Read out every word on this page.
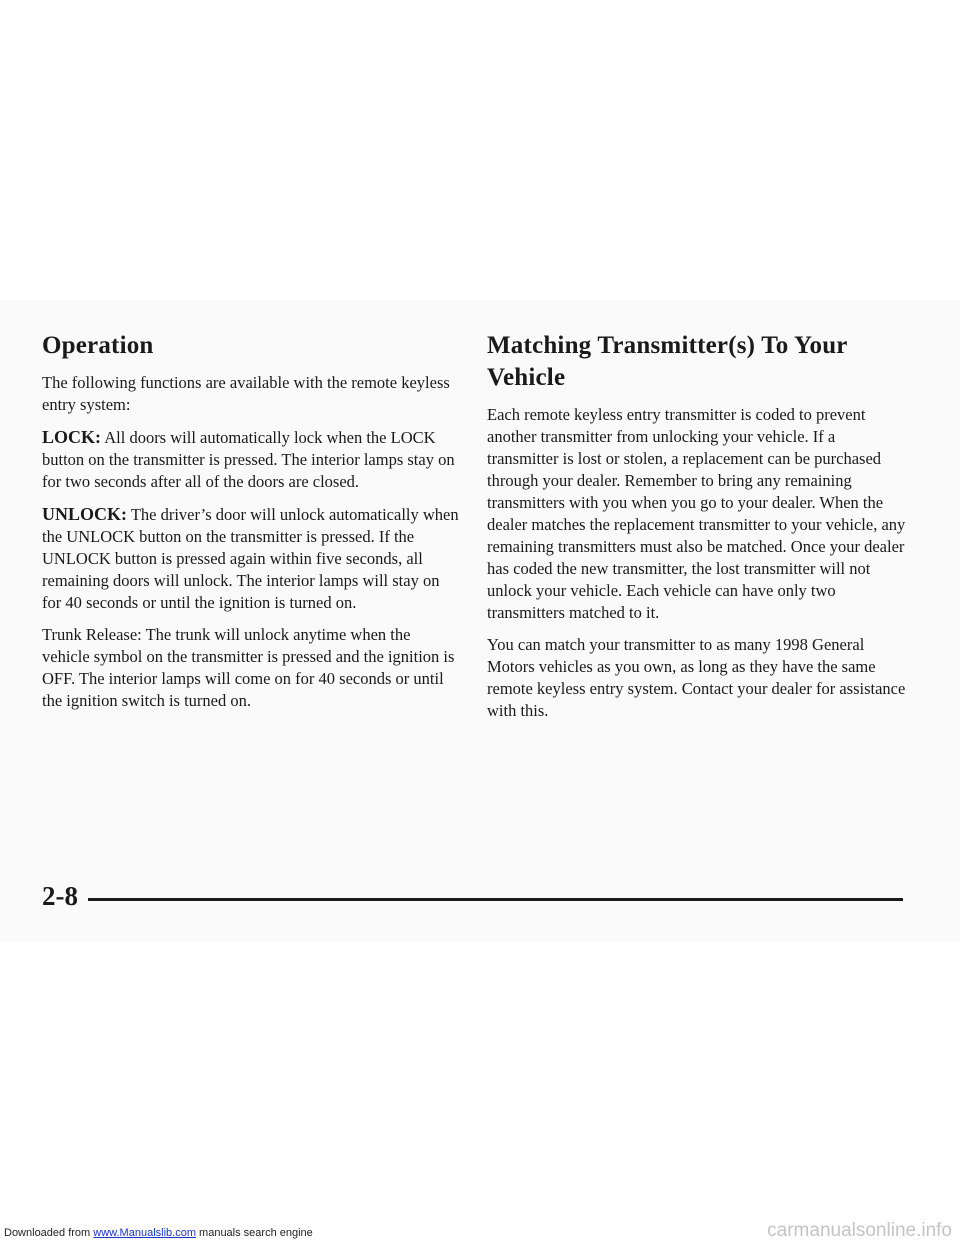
Operation

The following functions are available with the remote keyless entry system:

LOCK: All doors will automatically lock when the LOCK button on the transmitter is pressed. The interior lamps stay on for two seconds after all of the doors are closed.

UNLOCK: The driver’s door will unlock automatically when the UNLOCK button on the transmitter is pressed. If the UNLOCK button is pressed again within five seconds, all remaining doors will unlock. The interior lamps will stay on for 40 seconds or until the ignition is turned on.

Trunk Release: The trunk will unlock anytime when the vehicle symbol on the transmitter is pressed and the ignition is OFF. The interior lamps will come on for 40 seconds or until the ignition switch is turned on.

Matching Transmitter(s) To Your Vehicle

Each remote keyless entry transmitter is coded to prevent another transmitter from unlocking your vehicle. If a transmitter is lost or stolen, a replacement can be purchased through your dealer. Remember to bring any remaining transmitters with you when you go to your dealer. When the dealer matches the replacement transmitter to your vehicle, any remaining transmitters must also be matched. Once your dealer has coded the new transmitter, the lost transmitter will not unlock your vehicle. Each vehicle can have only two transmitters matched to it.

You can match your transmitter to as many 1998 General Motors vehicles as you own, as long as they have the same remote keyless entry system. Contact your dealer for assistance with this.

2-8
Downloaded from www.Manualslib.com manuals search engine	carmanualsonline.info
